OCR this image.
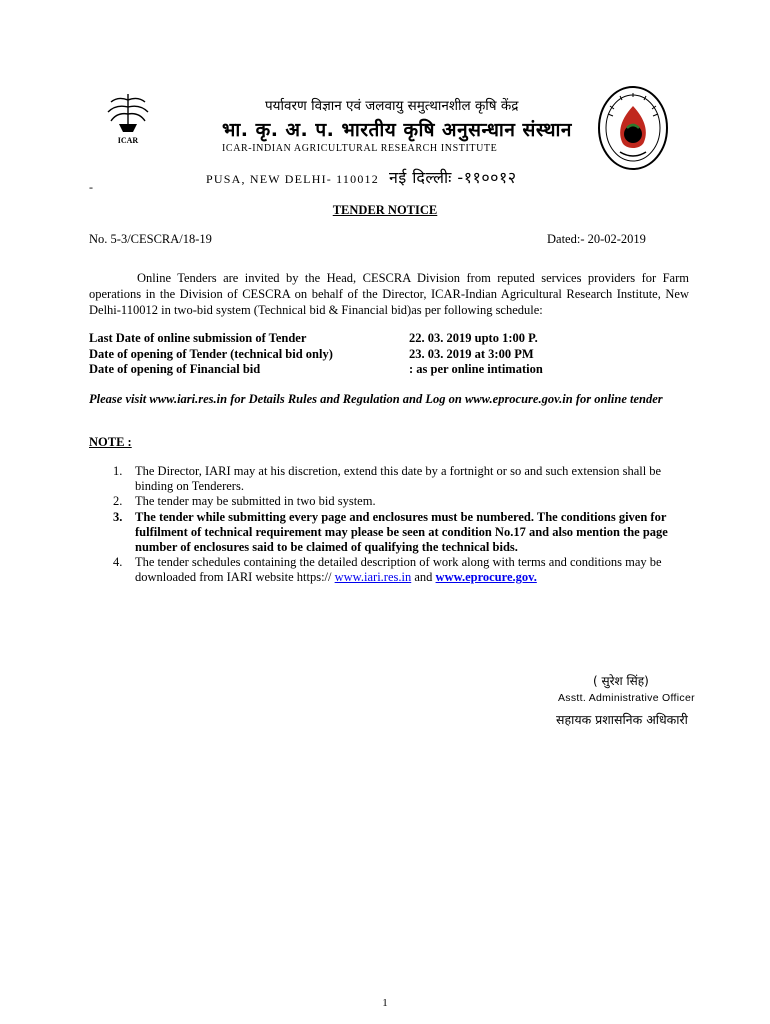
ICAR
पर्यावरण विज्ञान एवं जलवायु समुत्थानशील कृषि केंद्र
भा. कृ. अ. प. भारतीय कृषि अनुसन्धान संस्थान
ICAR-INDIAN AGRICULTURAL RESEARCH INSTITUTE
PUSA, NEW DELHI- 110012 नई दिल्लीः -११००१२
-
TENDER NOTICE
No. 5-3/CESCRA/18-19	Dated:- 20-02-2019
Online Tenders are invited by the Head, CESCRA Division from reputed services providers for Farm operations in the Division of CESCRA on behalf of the Director, ICAR-Indian Agricultural Research Institute, New Delhi-110012 in two-bid system (Technical bid & Financial bid)as per following schedule:
Last Date of online submission of Tender	22. 03. 2019 upto 1:00 P.
Date of opening of Tender (technical bid only)	23. 03. 2019 at 3:00 PM
Date of opening of Financial bid	: as per online intimation
Please visit www.iari.res.in for Details Rules and Regulation and Log on www.eprocure.gov.in for online tender
NOTE :
1. The Director, IARI may at his discretion, extend this date by a fortnight or so and such extension shall be binding on Tenderers.
2. The tender may be submitted in two bid system.
3. The tender while submitting every page and enclosures must be numbered. The conditions given for fulfilment of technical requirement may please be seen at condition No.17 and also mention the page number of enclosures said to be claimed of qualifying the technical bids.
4. The tender schedules containing the detailed description of work along with terms and conditions may be downloaded from IARI website https:// www.iari.res.in and www.eprocure.gov.
( सुरेश सिंह)
Asstt. Administrative Officer
सहायक प्रशासनिक अधिकारी
1
